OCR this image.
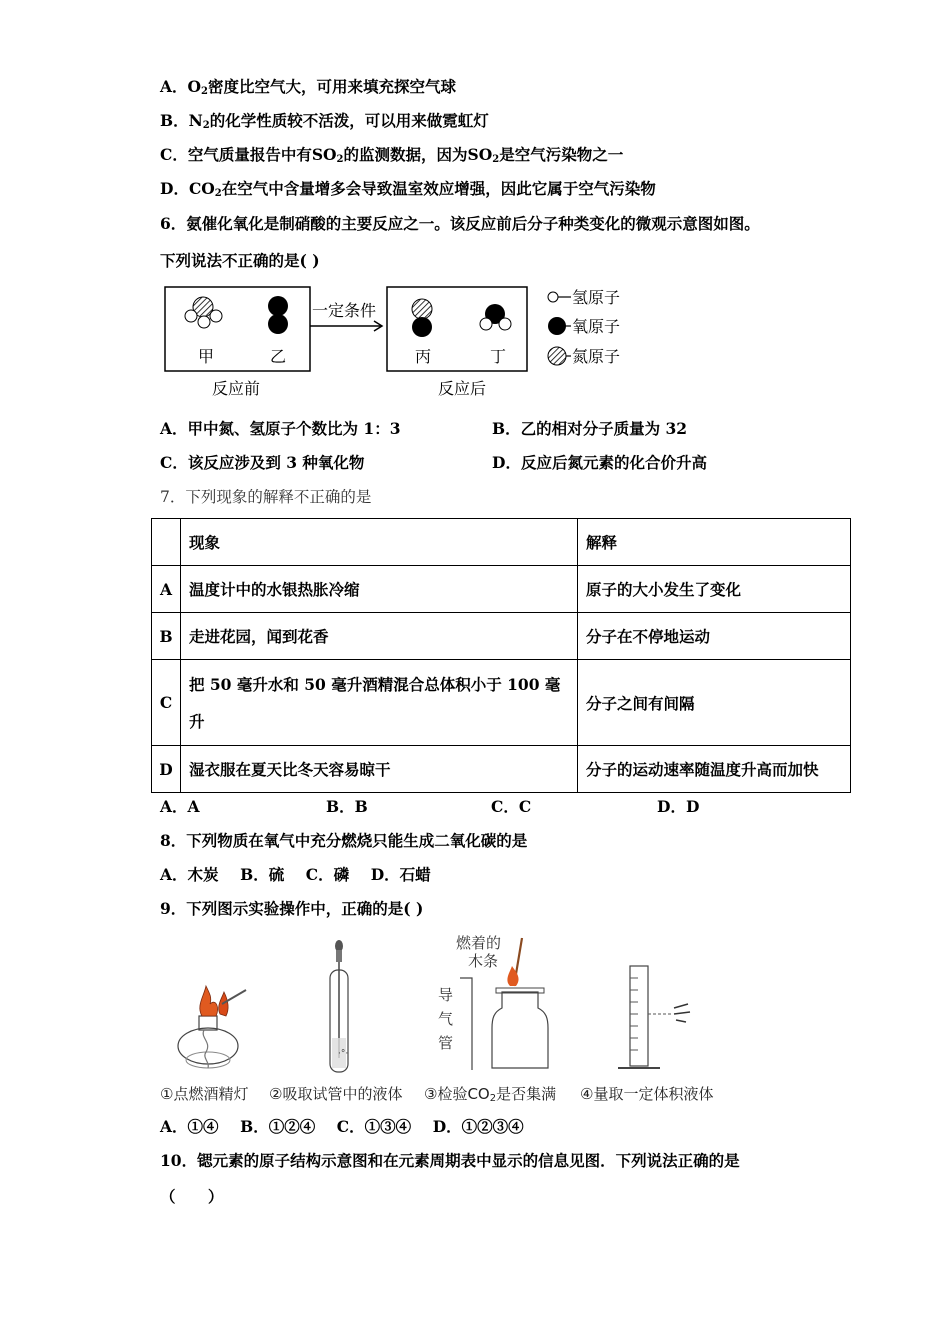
A．$O_2$密度比空气大，可用来填充探空气球
B．$N_2$的化学性质较不活泼，可以用来做霓虹灯
C．空气质量报告中有$SO_2$的监测数据，因为$SO_2$是空气污染物之一
D．$CO_2$在空气中含量增多会导致温室效应增强，因此它属于空气污染物
6．氨催化氧化是制硝酸的主要反应之一。该反应前后分子种类变化的微观示意图如图。
下列说法不正确的是( )
甲	乙
一定条件
丙	丁
反应前	反应后
氢原子
氧原子
氮原子
A．甲中氮、氢原子个数比为 1：3	B．乙的相对分子质量为 32
C．该反应涉及到 3 种氧化物	D．反应后氮元素的化合价升高
7．下列现象的解释不正确的是
	现象	解释
A	温度计中的水银热胀冷缩	原子的大小发生了变化
B	走进花园，闻到花香	分子在不停地运动
C	把 50 毫升水和 50 毫升酒精混合总体积小于 100 毫升	分子之间有间隔
D	湿衣服在夏天比冬天容易晾干	分子的运动速率随温度升高而加快
A．A	B．B	C．C	D．D
8．下列物质在氧气中充分燃烧只能生成二氧化碳的是
A．木炭    B．硫    C．磷    D．石蜡
9．下列图示实验操作中，正确的是( )
·°·
燃着的
木条
导
气
管
①点燃酒精灯 ②吸取试管中的液体 ③检验$CO_2$是否集满 ④量取一定体积液体
A．①④    B．①②④    C．①③④    D．①②③④
10．锶元素的原子结构示意图和在元素周期表中显示的信息见图．下列说法正确的是
（      ）
